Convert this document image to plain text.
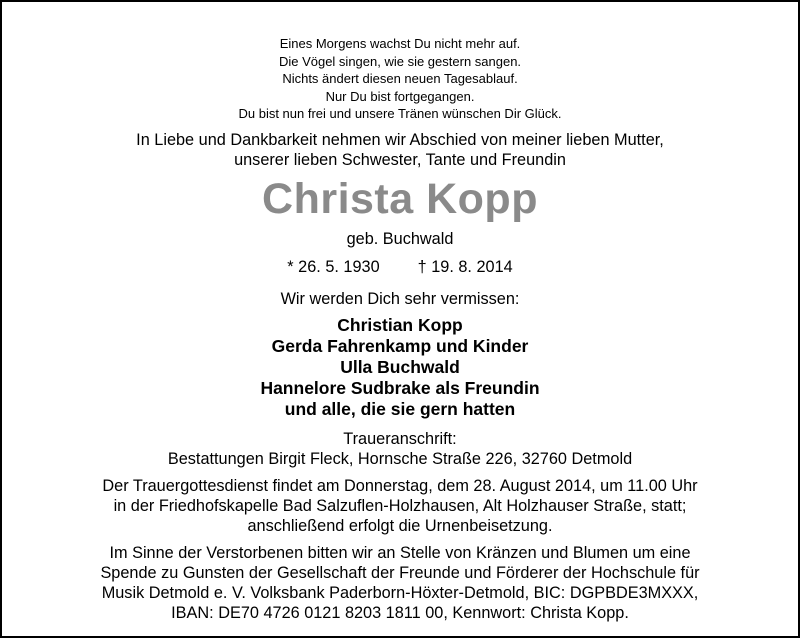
Eines Morgens wachst Du nicht mehr auf.
Die Vögel singen, wie sie gestern sangen.
Nichts ändert diesen neuen Tagesablauf.
Nur Du bist fortgegangen.
Du bist nun frei und unsere Tränen wünschen Dir Glück.
In Liebe und Dankbarkeit nehmen wir Abschied von meiner lieben Mutter,
unserer lieben Schwester, Tante und Freundin
Christa Kopp
geb. Buchwald
* 26. 5. 1930 † 19. 8. 2014
Wir werden Dich sehr vermissen:
Christian Kopp
Gerda Fahrenkamp und Kinder
Ulla Buchwald
Hannelore Sudbrake als Freundin
und alle, die sie gern hatten
Traueranschrift:
Bestattungen Birgit Fleck, Hornsche Straße 226, 32760 Detmold
Der Trauergottesdienst findet am Donnerstag, dem 28. August 2014, um 11.00 Uhr
in der Friedhofskapelle Bad Salzuflen-Holzhausen, Alt Holzhauser Straße, statt;
anschließend erfolgt die Urnenbeisetzung.
Im Sinne der Verstorbenen bitten wir an Stelle von Kränzen und Blumen um eine
Spende zu Gunsten der Gesellschaft der Freunde und Förderer der Hochschule für
Musik Detmold e. V. Volksbank Paderborn-Höxter-Detmold, BIC: DGPBDE3MXXX,
IBAN: DE70 4726 0121 8203 1811 00, Kennwort: Christa Kopp.
